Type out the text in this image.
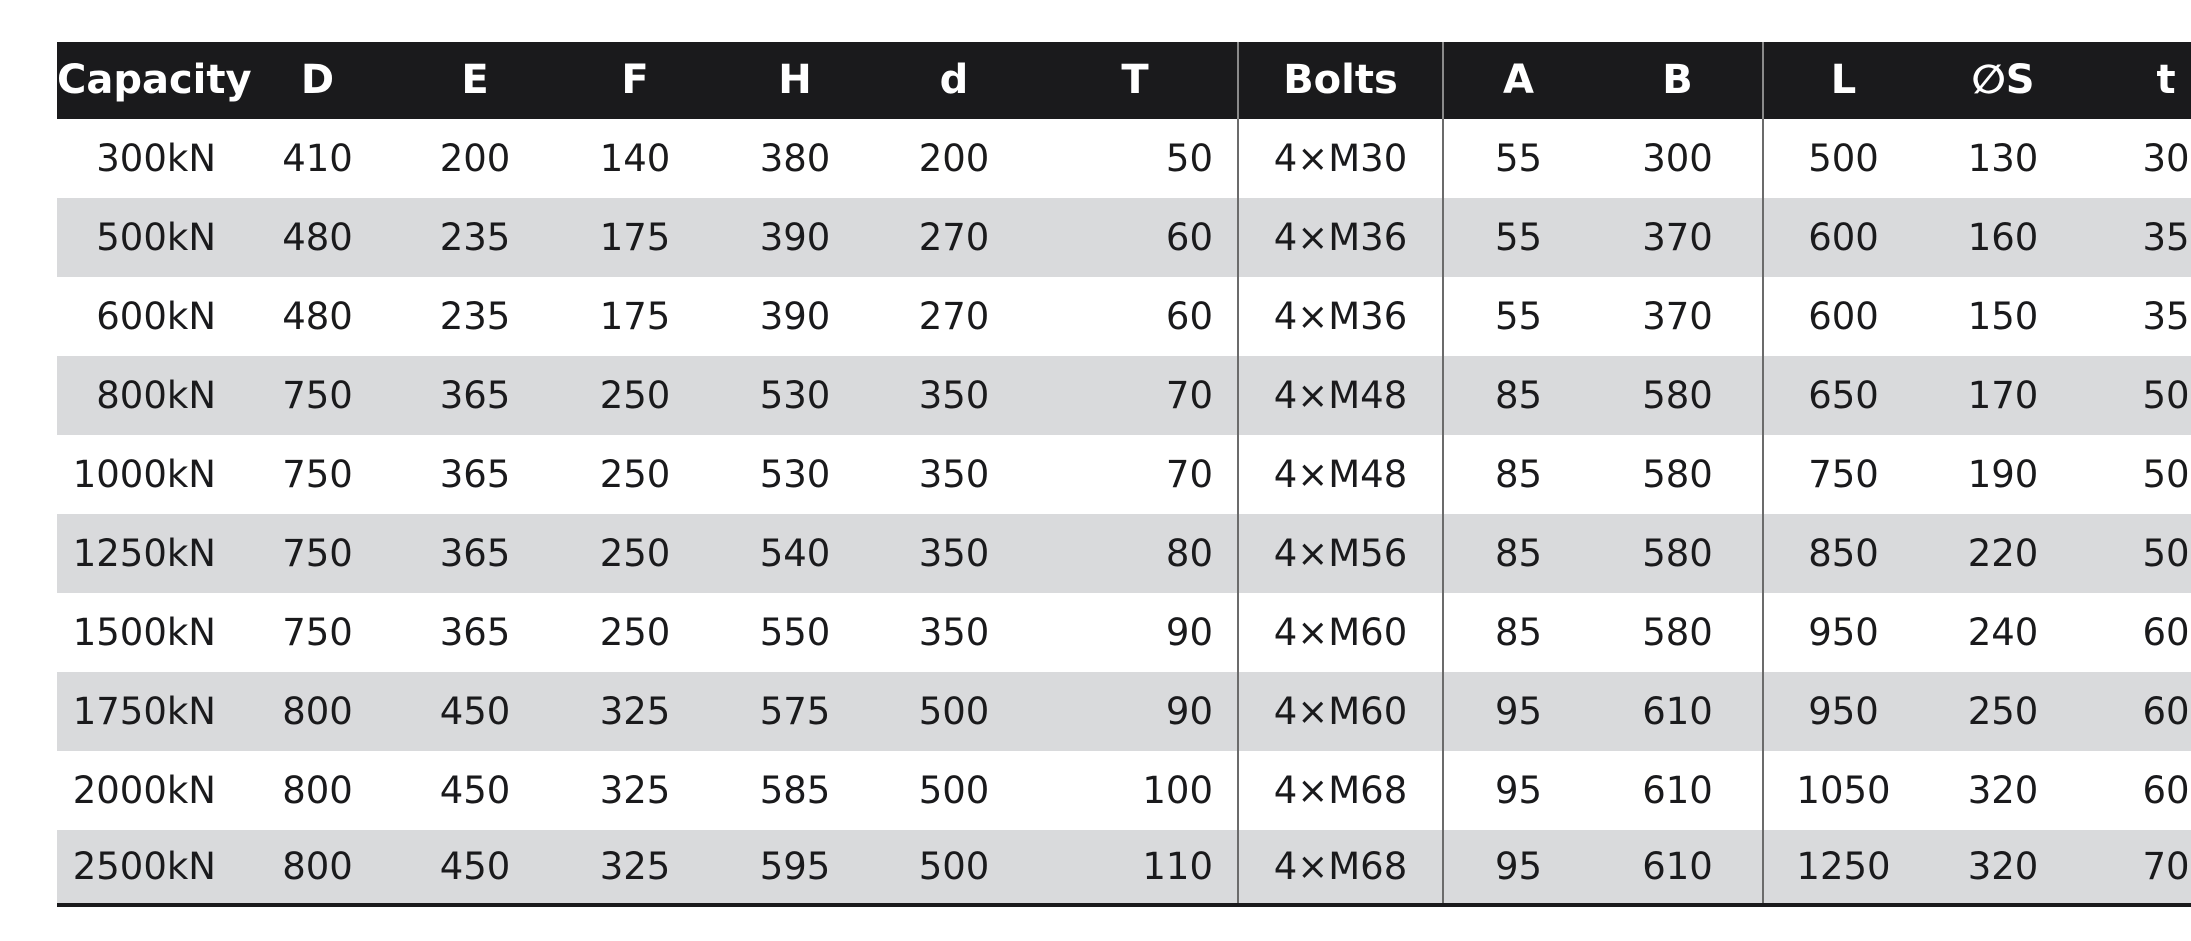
Capacity	D	E	F	H	d	T	Bolts	A	B	L	∅S	t
300kN	410	200	140	380	200	50	4×M30	55	300	500	130	30
500kN	480	235	175	390	270	60	4×M36	55	370	600	160	35
600kN	480	235	175	390	270	60	4×M36	55	370	600	150	35
800kN	750	365	250	530	350	70	4×M48	85	580	650	170	50
1000kN	750	365	250	530	350	70	4×M48	85	580	750	190	50
1250kN	750	365	250	540	350	80	4×M56	85	580	850	220	50
1500kN	750	365	250	550	350	90	4×M60	85	580	950	240	60
1750kN	800	450	325	575	500	90	4×M60	95	610	950	250	60
2000kN	800	450	325	585	500	100	4×M68	95	610	1050	320	60
2500kN	800	450	325	595	500	110	4×M68	95	610	1250	320	70
